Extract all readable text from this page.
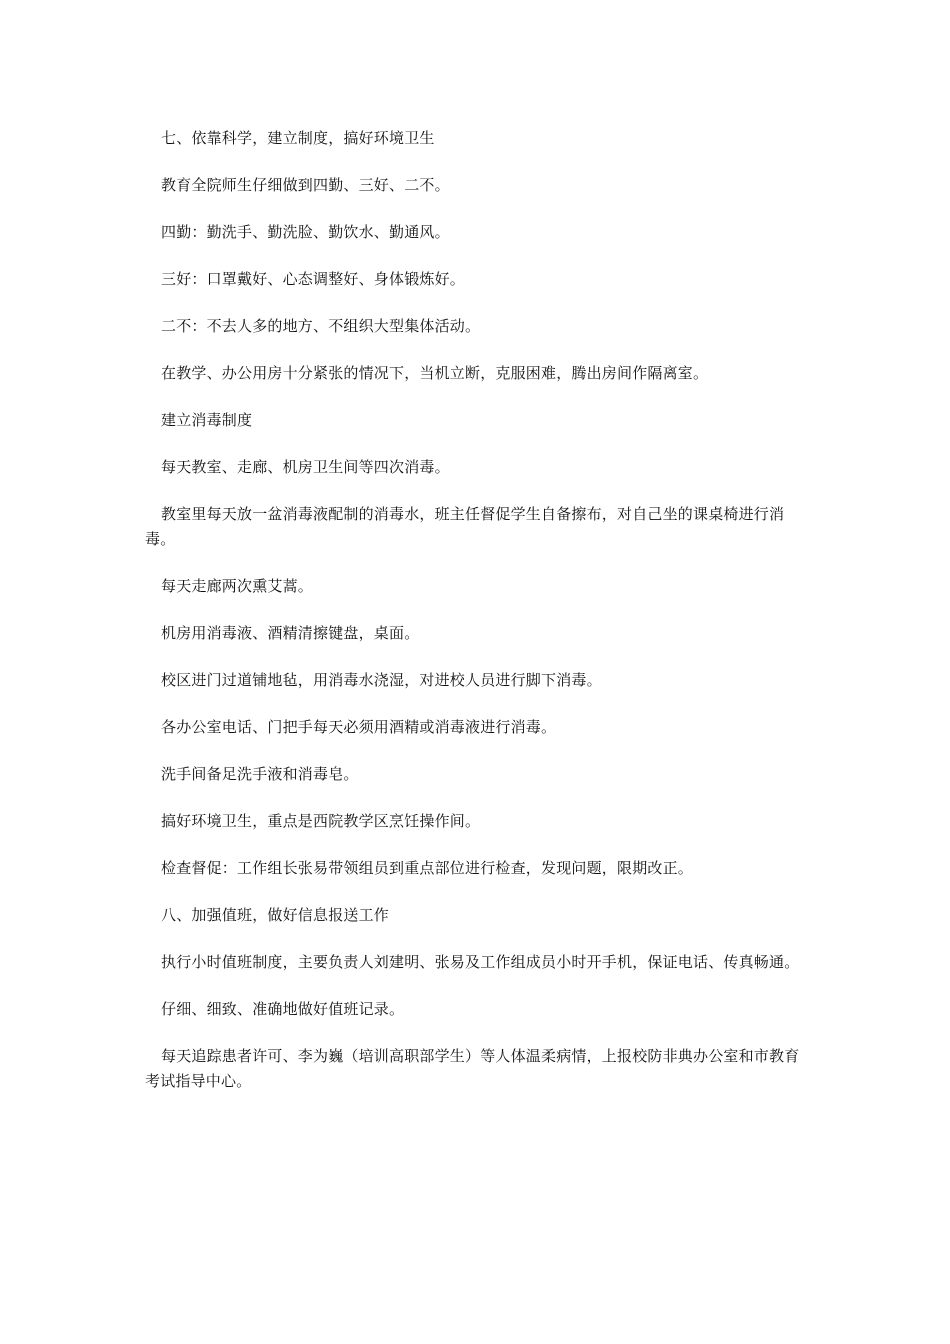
七、依靠科学，建立制度，搞好环境卫生

教育全院师生仔细做到四勤、三好、二不。

四勤：勤洗手、勤洗脸、勤饮水、勤通风。

三好：口罩戴好、心态调整好、身体锻炼好。

二不：不去人多的地方、不组织大型集体活动。

在教学、办公用房十分紧张的情况下，当机立断，克服困难，腾出房间作隔离室。

建立消毒制度

每天教室、走廊、机房卫生间等四次消毒。

教室里每天放一盆消毒液配制的消毒水，班主任督促学生自备擦布，对自己坐的课桌椅进行消毒。

每天走廊两次熏艾蒿。

机房用消毒液、酒精清擦键盘，桌面。

校区进门过道铺地毡，用消毒水浇湿，对进校人员进行脚下消毒。

各办公室电话、门把手每天必须用酒精或消毒液进行消毒。

洗手间备足洗手液和消毒皂。

搞好环境卫生，重点是西院教学区烹饪操作间。

检查督促：工作组长张易带领组员到重点部位进行检查，发现问题，限期改正。

八、加强值班，做好信息报送工作

执行小时值班制度，主要负责人刘建明、张易及工作组成员小时开手机，保证电话、传真畅通。

仔细、细致、准确地做好值班记录。

每天追踪患者许可、李为巍（培训高职部学生）等人体温柔病情，上报校防非典办公室和市教育考试指导中心。
